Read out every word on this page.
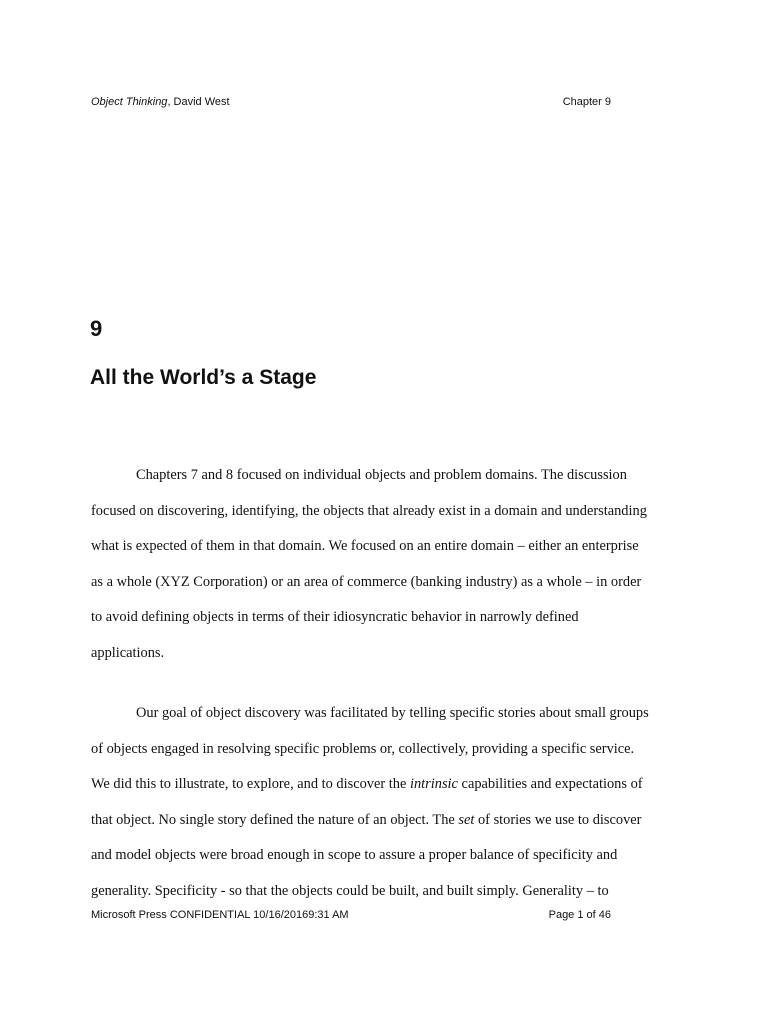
Object Thinking, David West	Chapter 9
9
All the World’s a Stage
Chapters 7 and 8 focused on individual objects and problem domains. The discussion
focused on discovering, identifying, the objects that already exist in a domain and understanding
what is expected of them in that domain. We focused on an entire domain – either an enterprise
as a whole (XYZ Corporation) or an area of commerce (banking industry) as a whole – in order
to avoid defining objects in terms of their idiosyncratic behavior in narrowly defined
applications.
Our goal of object discovery was facilitated by telling specific stories about small groups
of objects engaged in resolving specific problems or, collectively, providing a specific service.
We did this to illustrate, to explore, and to discover the intrinsic capabilities and expectations of
that object. No single story defined the nature of an object. The set of stories we use to discover
and model objects were broad enough in scope to assure a proper balance of specificity and
generality. Specificity - so that the objects could be built, and built simply. Generality – to
Microsoft Press CONFIDENTIAL 10/16/20169:31 AM	Page 1 of 46
